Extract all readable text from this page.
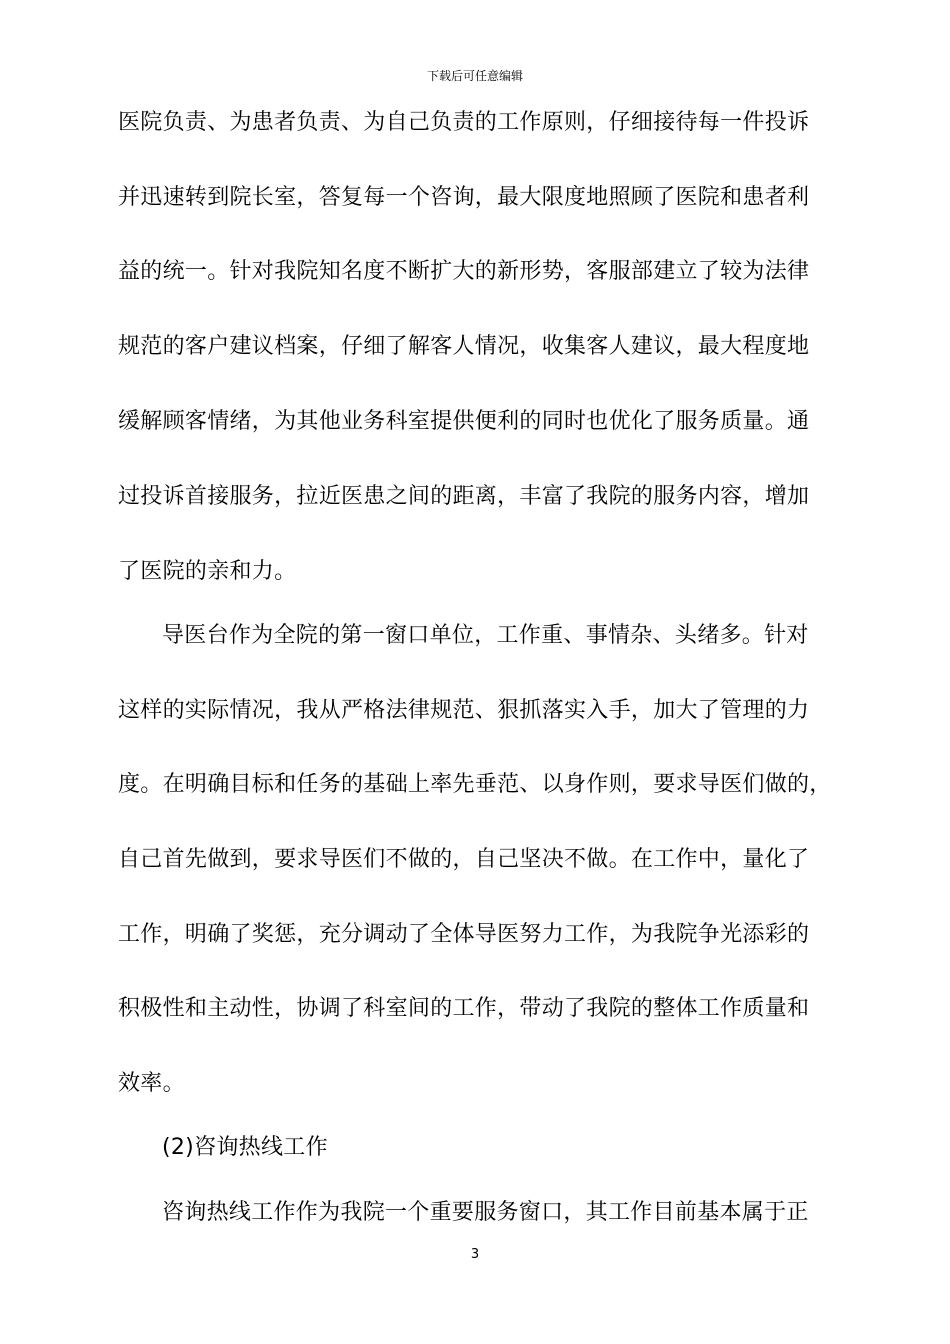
下载后可任意编辑
医院负责、为患者负责、为自己负责的工作原则，仔细接待每一件投诉
并迅速转到院长室，答复每一个咨询，最大限度地照顾了医院和患者利
益的统一。针对我院知名度不断扩大的新形势，客服部建立了较为法律
规范的客户建议档案，仔细了解客人情况，收集客人建议，最大程度地
缓解顾客情绪，为其他业务科室提供便利的同时也优化了服务质量。通
过投诉首接服务，拉近医患之间的距离，丰富了我院的服务内容，增加
了医院的亲和力。
导医台作为全院的第一窗口单位，工作重、事情杂、头绪多。针对
这样的实际情况，我从严格法律规范、狠抓落实入手，加大了管理的力
度。在明确目标和任务的基础上率先垂范、以身作则，要求导医们做的，
自己首先做到，要求导医们不做的，自己坚决不做。在工作中，量化了
工作，明确了奖惩，充分调动了全体导医努力工作，为我院争光添彩的
积极性和主动性，协调了科室间的工作，带动了我院的整体工作质量和
效率。
(2)咨询热线工作
咨询热线工作作为我院一个重要服务窗口，其工作目前基本属于正
3
